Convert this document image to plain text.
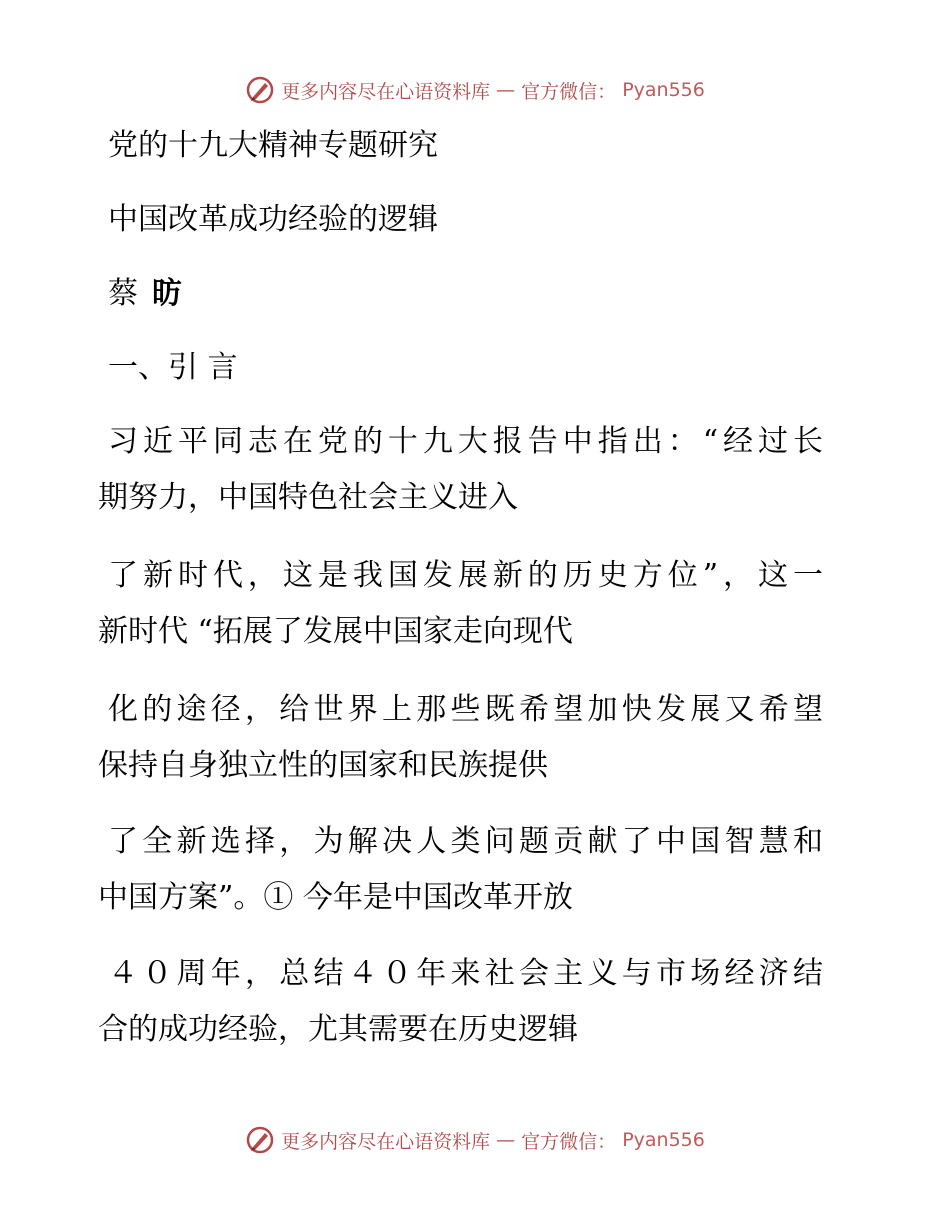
更多内容尽在心语资料库 — 官方微信： Pyan556
党的十九大精神专题研究
中国改革成功经验的逻辑
蔡 昉
一、引 言
习近平同志在党的十九大报告中指出：“经过长
期努力，中国特色社会主义进入
了新时代，这是我国发展新的历史方位”，这一
新时代 “拓展了发展中国家走向现代
化的途径，给世界上那些既希望加快发展又希望
保持自身独立性的国家和民族提供
了全新选择，为解决人类问题贡献了中国智慧和
中国方案”。① 今年是中国改革开放
４０周年，总结４０年来社会主义与市场经济结
合的成功经验，尤其需要在历史逻辑
更多内容尽在心语资料库 — 官方微信： Pyan556
